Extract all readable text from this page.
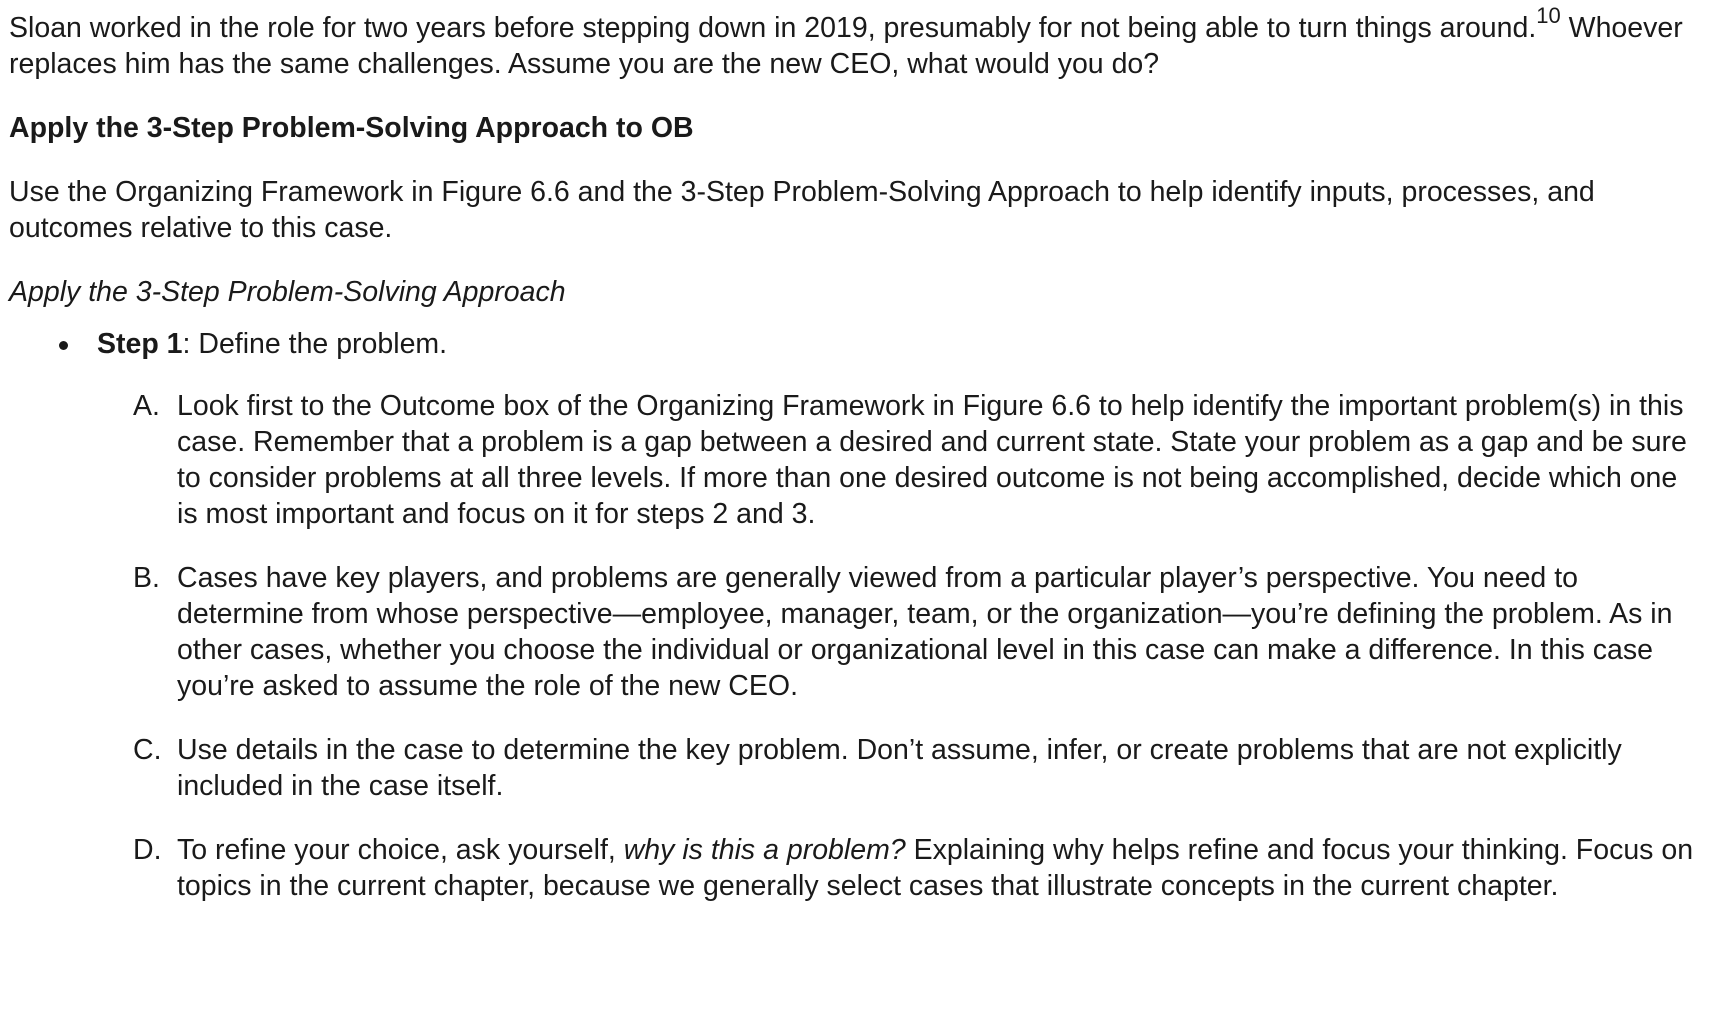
Sloan worked in the role for two years before stepping down in 2019, presumably for not being able to turn things around.$^{10}$ Whoever replaces him has the same challenges. Assume you are the new CEO, what would you do?

Apply the 3-Step Problem-Solving Approach to OB

Use the Organizing Framework in Figure 6.6 and the 3-Step Problem-Solving Approach to help identify inputs, processes, and outcomes relative to this case.

Apply the 3-Step Problem-Solving Approach

Step 1: Define the problem.

A. Look first to the Outcome box of the Organizing Framework in Figure 6.6 to help identify the important problem(s) in this case. Remember that a problem is a gap between a desired and current state. State your problem as a gap and be sure to consider problems at all three levels. If more than one desired outcome is not being accomplished, decide which one is most important and focus on it for steps 2 and 3.
B. Cases have key players, and problems are generally viewed from a particular player’s perspective. You need to determine from whose perspective—employee, manager, team, or the organization—you’re defining the problem. As in other cases, whether you choose the individual or organizational level in this case can make a difference. In this case you’re asked to assume the role of the new CEO.
C. Use details in the case to determine the key problem. Don’t assume, infer, or create problems that are not explicitly included in the case itself.
D. To refine your choice, ask yourself, why is this a problem? Explaining why helps refine and focus your thinking. Focus on topics in the current chapter, because we generally select cases that illustrate concepts in the current chapter.
